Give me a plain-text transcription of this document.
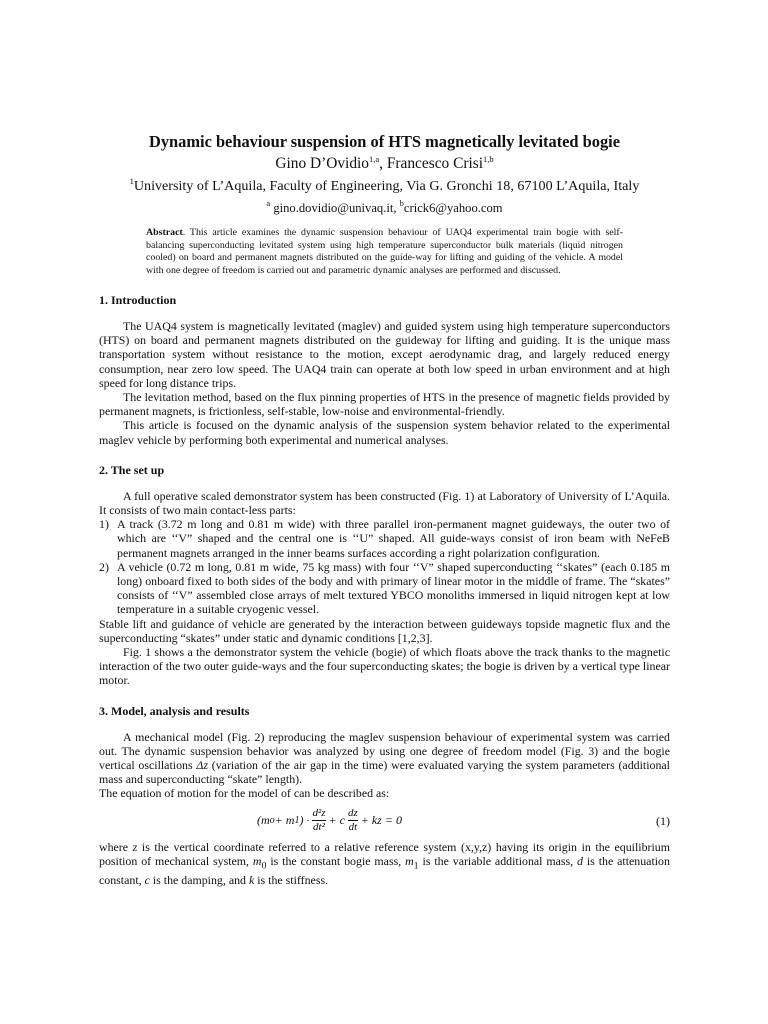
Dynamic behaviour suspension of HTS magnetically levitated bogie
Gino D’Ovidio$^{1,a}$, Francesco Crisi$^{1,b}$
$^1$University of L’Aquila, Faculty of Engineering, Via G. Gronchi 18, 67100 L’Aquila, Italy
$^a$ gino.dovidio@univaq.it, $^b$crick6@yahoo.com
Abstract. This article examines the dynamic suspension behaviour of UAQ4 experimental train bogie with self-balancing superconducting levitated system using high temperature superconductor bulk materials (liquid nitrogen cooled) on board and permanent magnets distributed on the guide-way for lifting and guiding of the vehicle. A model with one degree of freedom is carried out and parametric dynamic analyses are performed and discussed.
1. Introduction

The UAQ4 system is magnetically levitated (maglev) and guided system using high temperature superconductors (HTS) on board and permanent magnets distributed on the guideway for lifting and guiding. It is the unique mass transportation system without resistance to the motion, except aerodynamic drag, and largely reduced energy consumption, near zero low speed. The UAQ4 train can operate at both low speed in urban environment and at high speed for long distance trips.

The levitation method, based on the flux pinning properties of HTS in the presence of magnetic fields provided by permanent magnets, is frictionless, self-stable, low-noise and environmental-friendly.

This article is focused on the dynamic analysis of the suspension system behavior related to the experimental maglev vehicle by performing both experimental and numerical analyses.

2. The set up

A full operative scaled demonstrator system has been constructed (Fig. 1) at Laboratory of University of L’Aquila. It consists of two main contact-less parts:

1) A track (3.72 m long and 0.81 m wide) with three parallel iron-permanent magnet guideways, the outer two of which are ‘‘V” shaped and the central one is ‘‘U” shaped. All guide-ways consist of iron beam with NeFeB permanent magnets arranged in the inner beams surfaces according a right polarization configuration.
2) A vehicle (0.72 m long, 0.81 m wide, 75 kg mass) with four ‘‘V” shaped superconducting ‘‘skates” (each 0.185 m long) onboard fixed to both sides of the body and with primary of linear motor in the middle of frame. The “skates” consists of ‘‘V” assembled close arrays of melt textured YBCO monoliths immersed in liquid nitrogen kept at low temperature in a suitable cryogenic vessel.

Stable lift and guidance of vehicle are generated by the interaction between guideways topside magnetic flux and the superconducting “skates” under static and dynamic conditions [1,2,3].

Fig. 1 shows a the demonstrator system the vehicle (bogie) of which floats above the track thanks to the magnetic interaction of the two outer guide-ways and the four superconducting skates; the bogie is driven by a vertical type linear motor.

3. Model, analysis and results

A mechanical model (Fig. 2) reproducing the maglev suspension behaviour of experimental system was carried out. The dynamic suspension behavior was analyzed by using one degree of freedom model (Fig. 3) and the bogie vertical oscillations Δz (variation of the air gap in the time) were evaluated varying the system parameters (additional mass and superconducting “skate” length).

The equation of motion for the model of can be described as:

(m o + m 1 ) · $\frac{\text{d²z}}{\text{dt²}} + c \frac{dz}{dt}$ + kz = 0	(1)

where z is the vertical coordinate referred to a relative reference system (x,y,z) having its origin in the equilibrium position of mechanical system, $m_0$ is the constant bogie mass, $m_1$ is the variable additional mass, d is the attenuation constant, c is the damping, and k is the stiffness.
